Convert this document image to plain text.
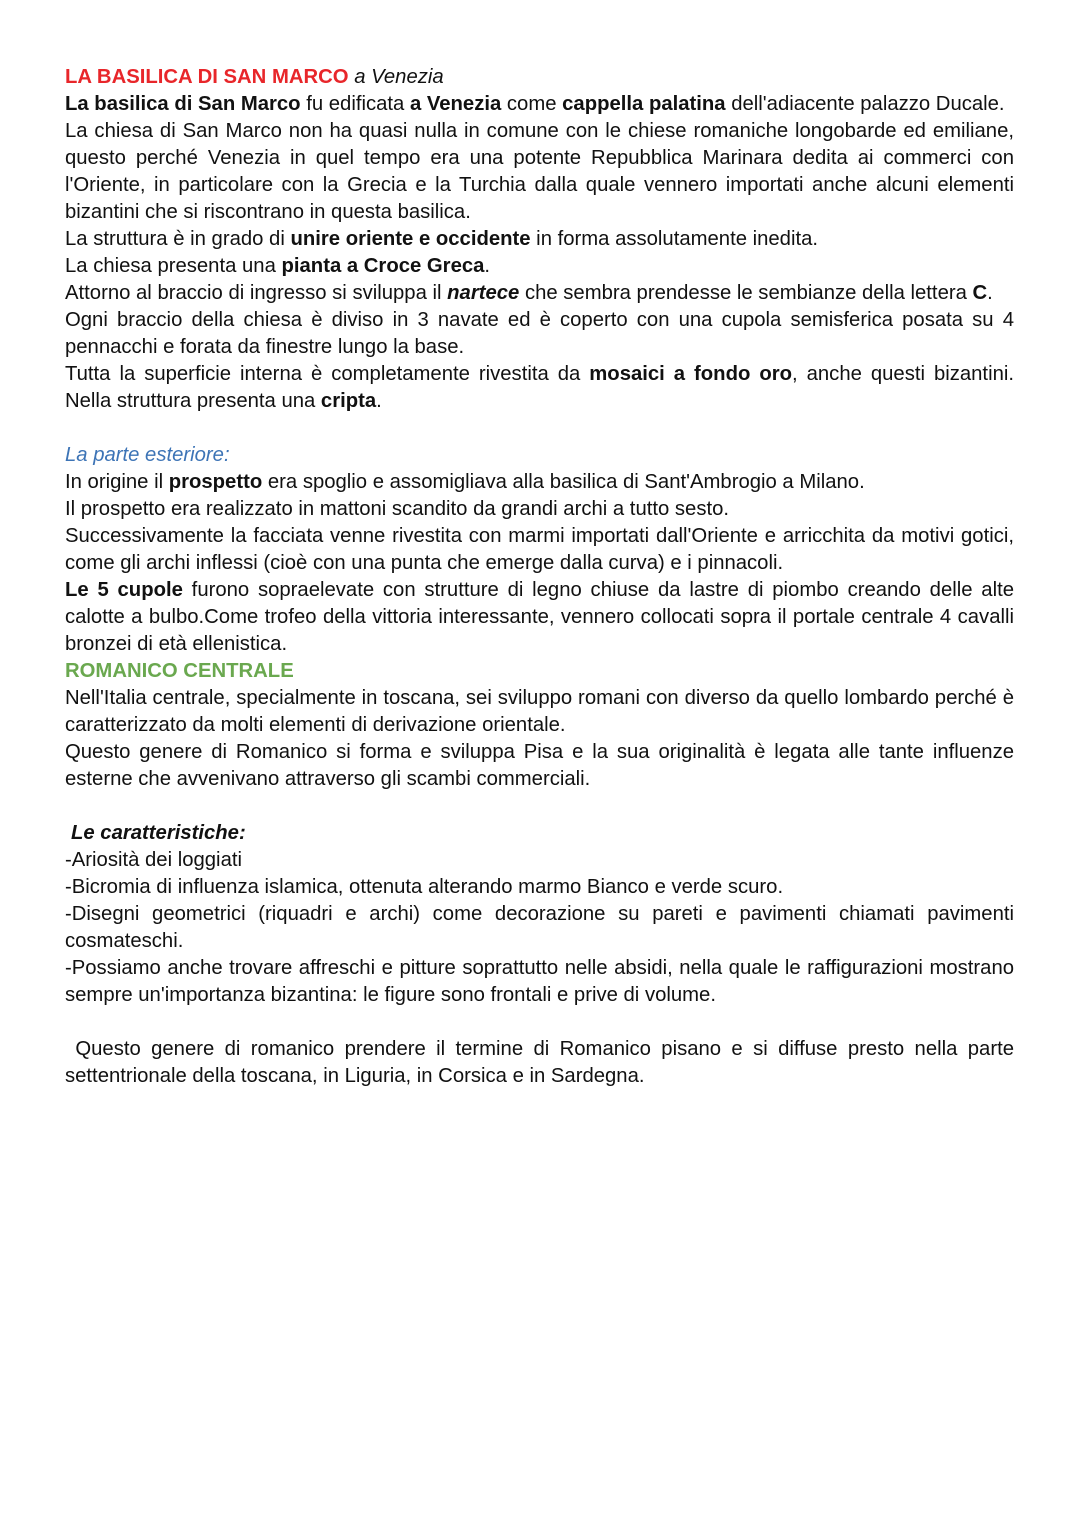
LA BASILICA DI SAN MARCO a Venezia

La basilica di San Marco fu edificata a Venezia come cappella palatina dell'adiacente palazzo Ducale.

La chiesa di San Marco non ha quasi nulla in comune con le chiese romaniche longobarde ed emiliane, questo perché Venezia in quel tempo era una potente Repubblica Marinara dedita ai commerci con l'Oriente, in particolare con la Grecia e la Turchia dalla quale vennero importati anche alcuni elementi bizantini che si riscontrano in questa basilica.

La struttura è in grado di unire oriente e occidente in forma assolutamente inedita.

La chiesa presenta una pianta a Croce Greca.

Attorno al braccio di ingresso si sviluppa il nartece che sembra prendesse le sembianze della lettera C.

Ogni braccio della chiesa è diviso in 3 navate ed è coperto con una cupola semisferica posata su 4 pennacchi e forata da finestre lungo la base.

Tutta la superficie interna è completamente rivestita da mosaici a fondo oro, anche questi bizantini. Nella struttura presenta una cripta.

La parte esteriore:

In origine il prospetto era spoglio e assomigliava alla basilica di Sant'Ambrogio a Milano.

Il prospetto era realizzato in mattoni scandito da grandi archi a tutto sesto.

Successivamente la facciata venne rivestita con marmi importati dall'Oriente e arricchita da motivi gotici, come gli archi inflessi (cioè con una punta che emerge dalla curva) e i pinnacoli.

Le 5 cupole furono sopraelevate con strutture di legno chiuse da lastre di piombo creando delle alte calotte a bulbo.Come trofeo della vittoria interessante, vennero collocati sopra il portale centrale 4 cavalli bronzei di età ellenistica.

ROMANICO CENTRALE

Nell'Italia centrale, specialmente in toscana, sei sviluppo romani con diverso da quello lombardo perché è caratterizzato da molti elementi di derivazione orientale.

Questo genere di Romanico si forma e sviluppa Pisa e la sua originalità è legata alle tante influenze esterne che avvenivano attraverso gli scambi commerciali.

Le caratteristiche:

-Ariosità dei loggiati

-Bicromia di influenza islamica, ottenuta alterando marmo Bianco e verde scuro.

-Disegni geometrici (riquadri e archi) come decorazione su pareti e pavimenti chiamati pavimenti cosmateschi.

-Possiamo anche trovare affreschi e pitture soprattutto nelle absidi, nella quale le raffigurazioni mostrano sempre un'importanza bizantina: le figure sono frontali e prive di volume.

Questo genere di romanico prendere il termine di Romanico pisano e si diffuse presto nella parte settentrionale della toscana, in Liguria, in Corsica e in Sardegna.
